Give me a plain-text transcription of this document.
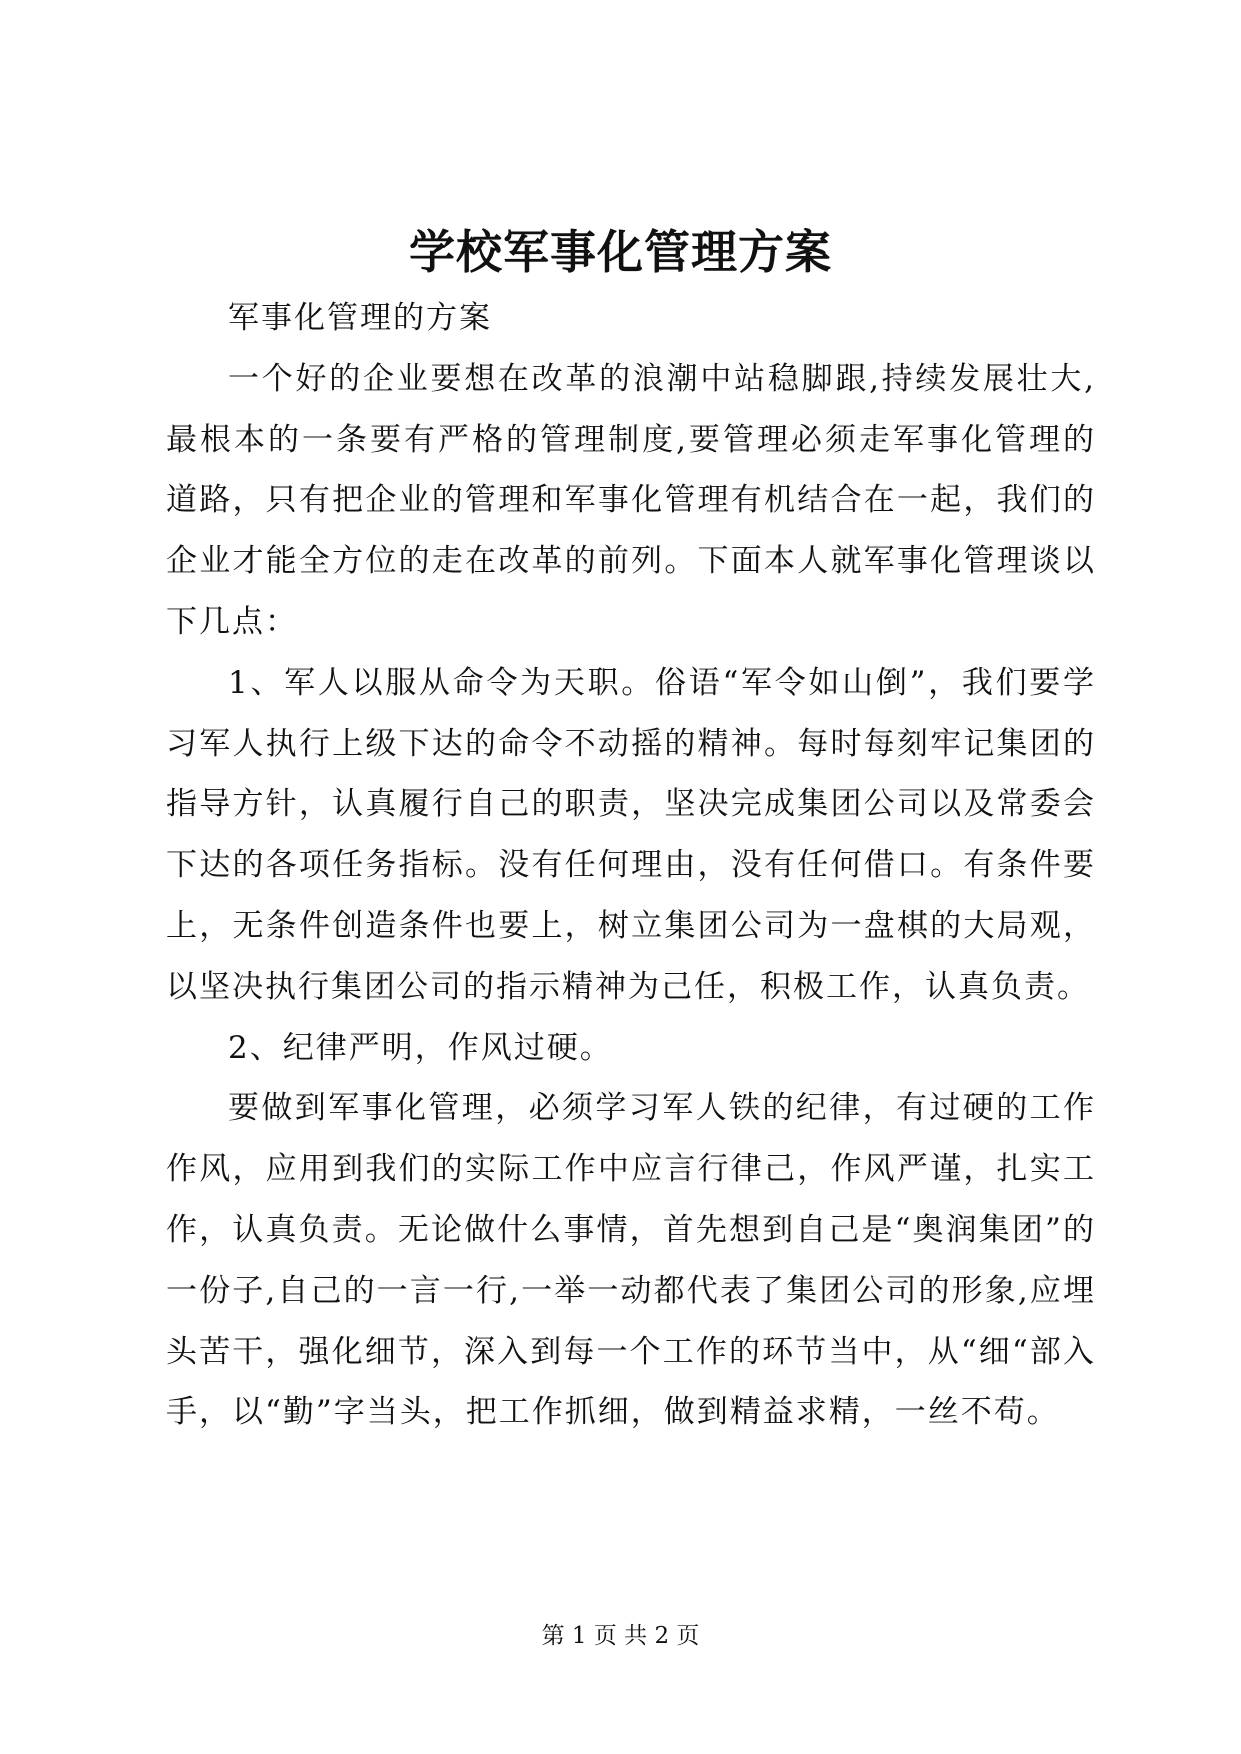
学校军事化管理方案

军事化管理的方案

一个好的企业要想在改革的浪潮中站稳脚跟,持续发展壮大,最根本的一条要有严格的管理制度,要管理必须走军事化管理的道路，只有把企业的管理和军事化管理有机结合在一起，我们的企业才能全方位的走在改革的前列。下面本人就军事化管理谈以下几点：

1、军人以服从命令为天职。俗语“军令如山倒”，我们要学习军人执行上级下达的命令不动摇的精神。每时每刻牢记集团的指导方针，认真履行自己的职责，坚决完成集团公司以及常委会下达的各项任务指标。没有任何理由，没有任何借口。有条件要上，无条件创造条件也要上，树立集团公司为一盘棋的大局观，以坚决执行集团公司的指示精神为己任，积极工作，认真负责。

2、纪律严明，作风过硬。

要做到军事化管理，必须学习军人铁的纪律，有过硬的工作作风，应用到我们的实际工作中应言行律己，作风严谨，扎实工作，认真负责。无论做什么事情，首先想到自己是“奥润集团”的一份子,自己的一言一行,一举一动都代表了集团公司的形象,应埋头苦干，强化细节，深入到每一个工作的环节当中，从“细“部入手，以“勤”字当头，把工作抓细，做到精益求精，一丝不苟。

第 1 页 共 2 页
